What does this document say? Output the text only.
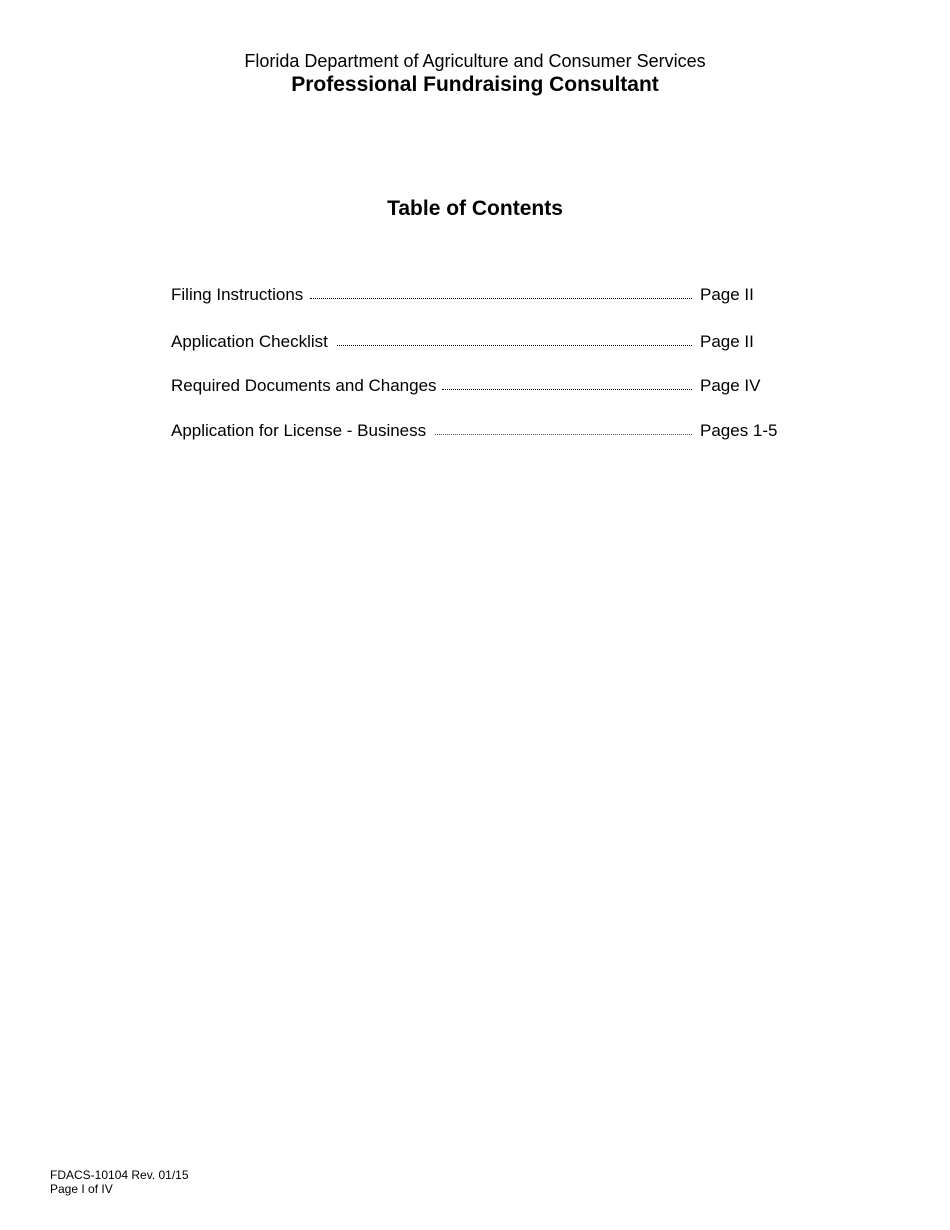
Florida Department of Agriculture and Consumer Services

Professional Fundraising Consultant

Table of Contents
Filing Instructions	Page II
Application Checklist	Page II
Required Documents and Changes	Page IV
Application for License - Business	Pages 1-5
FDACS-10104 Rev. 01/15
Page I of IV
